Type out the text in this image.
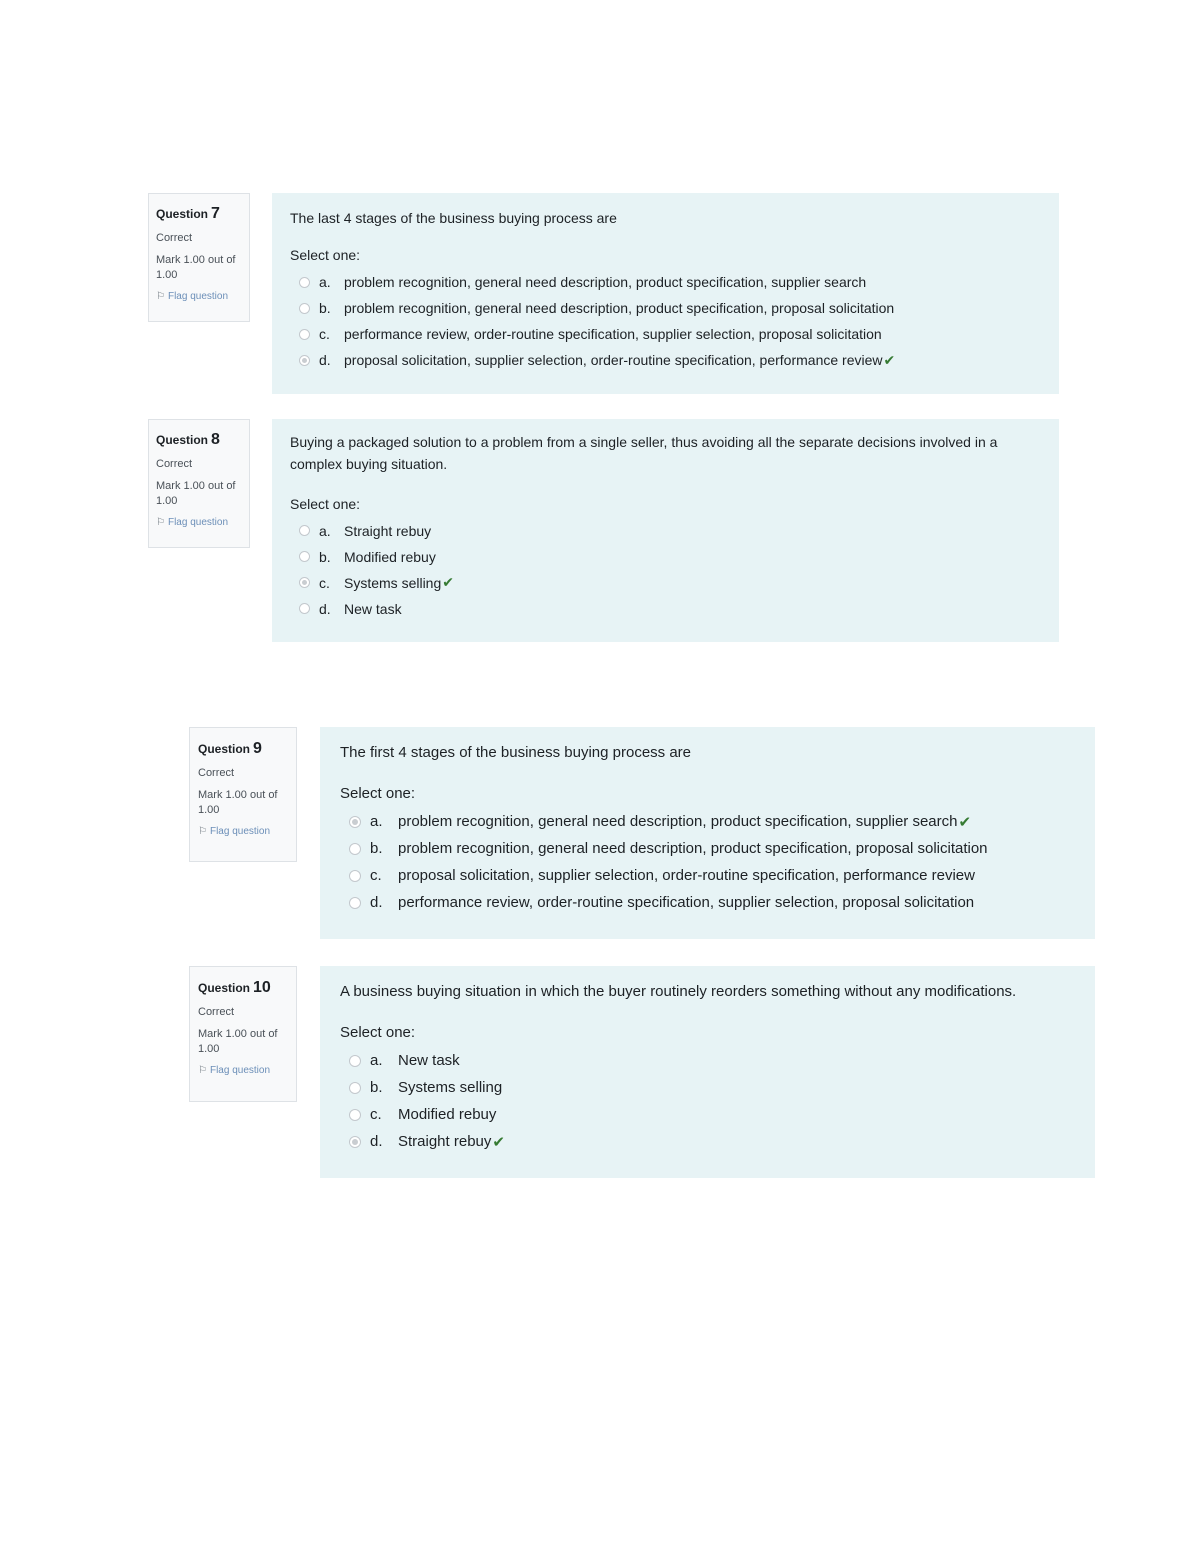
Question 7
Correct
Mark 1.00 out of 1.00
⚐ Flag question
The last 4 stages of the business buying process are
Select one:
a. problem recognition, general need description, product specification, supplier search
b. problem recognition, general need description, product specification, proposal solicitation
c.	performance review, order-routine specification, supplier selection, proposal solicitation
d. proposal solicitation, supplier selection, order-routine specification, performance review ✔
Question 8
Correct
Mark 1.00 out of 1.00
⚐ Flag question
Buying a packaged solution to a problem from a single seller, thus avoiding all the separate decisions involved in a complex buying situation.
Select one:
a. Straight rebuy
b. Modified rebuy
c.	Systems selling ✔
d. New task
Question 9
Correct
Mark 1.00 out of 1.00
⚐ Flag question
The first 4 stages of the business buying process are
Select one:
a.	problem recognition, general need description, product specification, supplier search ✔
b.	problem recognition, general need description, product specification, proposal solicitation
c.	proposal solicitation, supplier selection, order-routine specification, performance review
d.	performance review, order-routine specification, supplier selection, proposal solicitation
Question 10
Correct
Mark 1.00 out of 1.00
⚐ Flag question
A business buying situation in which the buyer routinely reorders something without any modifications.
Select one:
a.	New task
b.	Systems selling
c.	Modified rebuy
d.	Straight rebuy ✔
